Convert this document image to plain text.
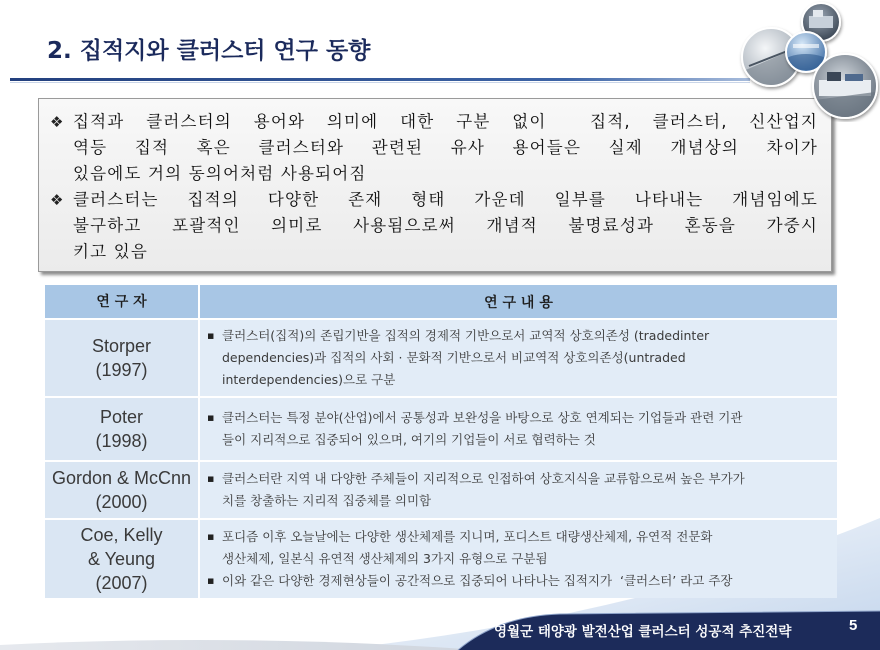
2. 집적지와 클러스터 연구 동향
❖ 집적과 클러스터의 용어와 의미에 대한 구분 없이  집적, 클러스터, 신산업지
역등 집적 혹은 클러스터와 관련된 유사 용어들은 실제 개념상의 차이가
있음에도 거의 동의어처럼 사용되어짐
❖ 클러스터는 집적의 다양한 존재 형태 가운데 일부를 나타내는 개념임에도
불구하고 포괄적인 의미로 사용됨으로써 개념적 불명료성과 혼동을 가중시
키고 있음
연 구 자	연 구 내 용
Storper
(1997)
▪ 클러스터(집적)의 존립기반을 집적의 경제적 기반으로서 교역적 상호의존성 (tradedinter
dependencies)과 집적의 사회 · 문화적 기반으로서 비교역적 상호의존성(untraded
interdependencies)으로 구분
Poter
(1998)
▪ 클러스터는 특정 분야(산업)에서 공통성과 보완성을 바탕으로 상호 연계되는 기업들과 관련 기관
들이 지리적으로 집중되어 있으며, 여기의 기업들이 서로 협력하는 것
Gordon & McCnn
(2000)
▪ 클러스터란 지역 내 다양한 주체들이 지리적으로 인접하여 상호지식을 교류함으로써 높은 부가가
치를 창출하는 지리적 집중체를 의미함
Coe, Kelly
& Yeung
(2007)
▪ 포디즘 이후 오늘날에는 다양한 생산체제를 지니며, 포디스트 대량생산체제, 유연적 전문화
생산체제, 일본식 유연적 생산체제의 3가지 유형으로 구분됨
▪ 이와 같은 다양한 경제현상들이 공간적으로 집중되어 나타나는 집적지가  ‘클러스터’ 라고 주장
영월군 태양광 발전산업 클러스터 성공적 추진전략	5
